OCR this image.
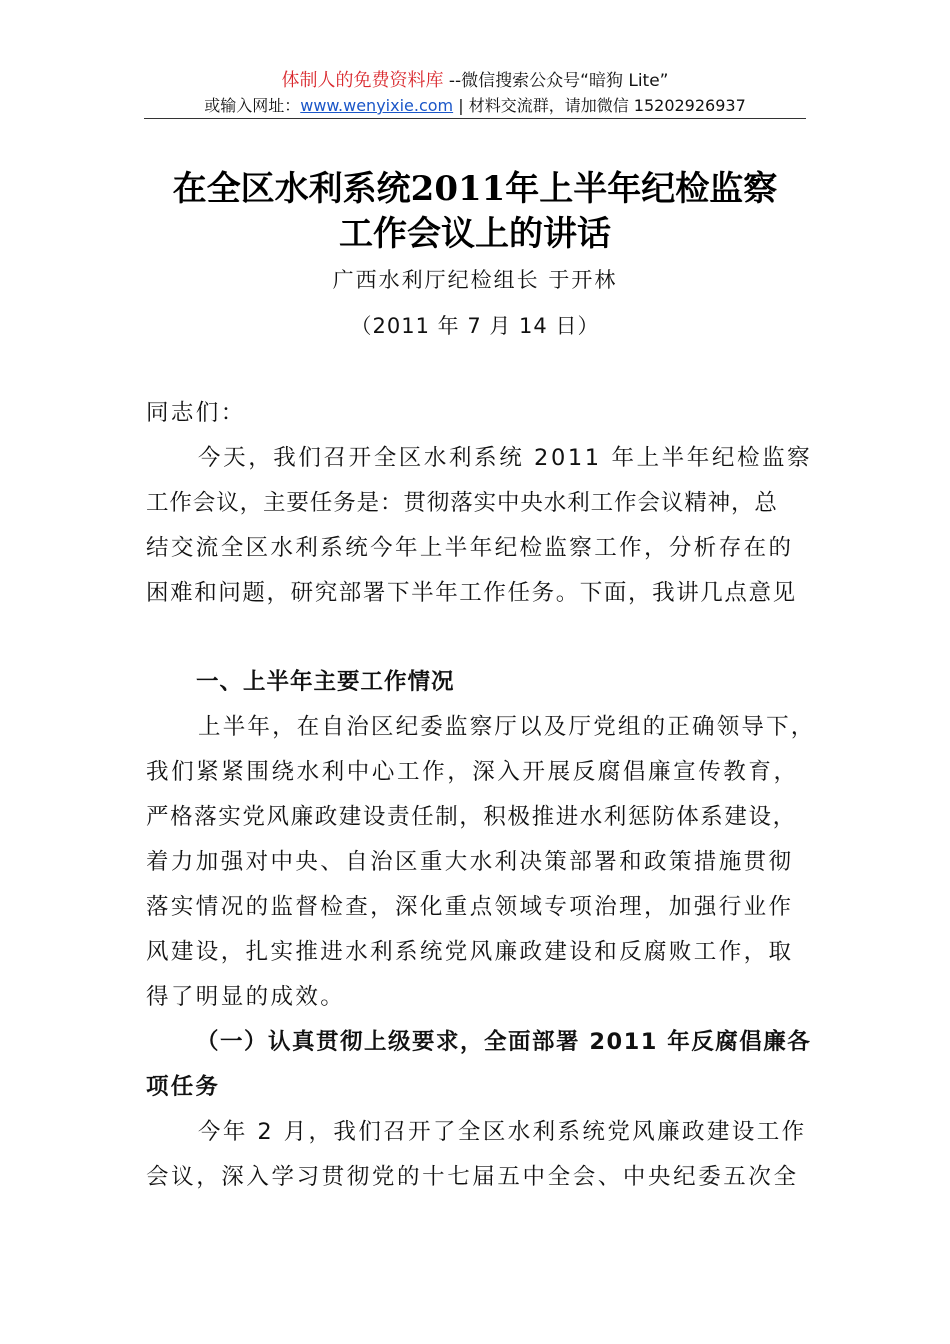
体制人的免费资料库 --微信搜索公众号“暗狗 Lite”
或输入网址：www.wenyixie.com | 材料交流群，请加微信 15202926937
在全区水利系统2011年上半年纪检监察
工作会议上的讲话
广西水利厅纪检组长 于开林
（2011 年 7 月 14 日）
同志们：
今天，我们召开全区水利系统 2011 年上半年纪检监察
工作会议，主要任务是：贯彻落实中央水利工作会议精神，总
结交流全区水利系统今年上半年纪检监察工作，分析存在的
困难和问题，研究部署下半年工作任务。下面，我讲几点意见
一、上半年主要工作情况
上半年，在自治区纪委监察厅以及厅党组的正确领导下，
我们紧紧围绕水利中心工作，深入开展反腐倡廉宣传教育，
严格落实党风廉政建设责任制，积极推进水利惩防体系建设，
着力加强对中央、自治区重大水利决策部署和政策措施贯彻
落实情况的监督检查，深化重点领域专项治理，加强行业作
风建设，扎实推进水利系统党风廉政建设和反腐败工作，取
得了明显的成效。
（一）认真贯彻上级要求，全面部署 2011 年反腐倡廉各
项任务
今年 2 月，我们召开了全区水利系统党风廉政建设工作
会议，深入学习贯彻党的十七届五中全会、中央纪委五次全
